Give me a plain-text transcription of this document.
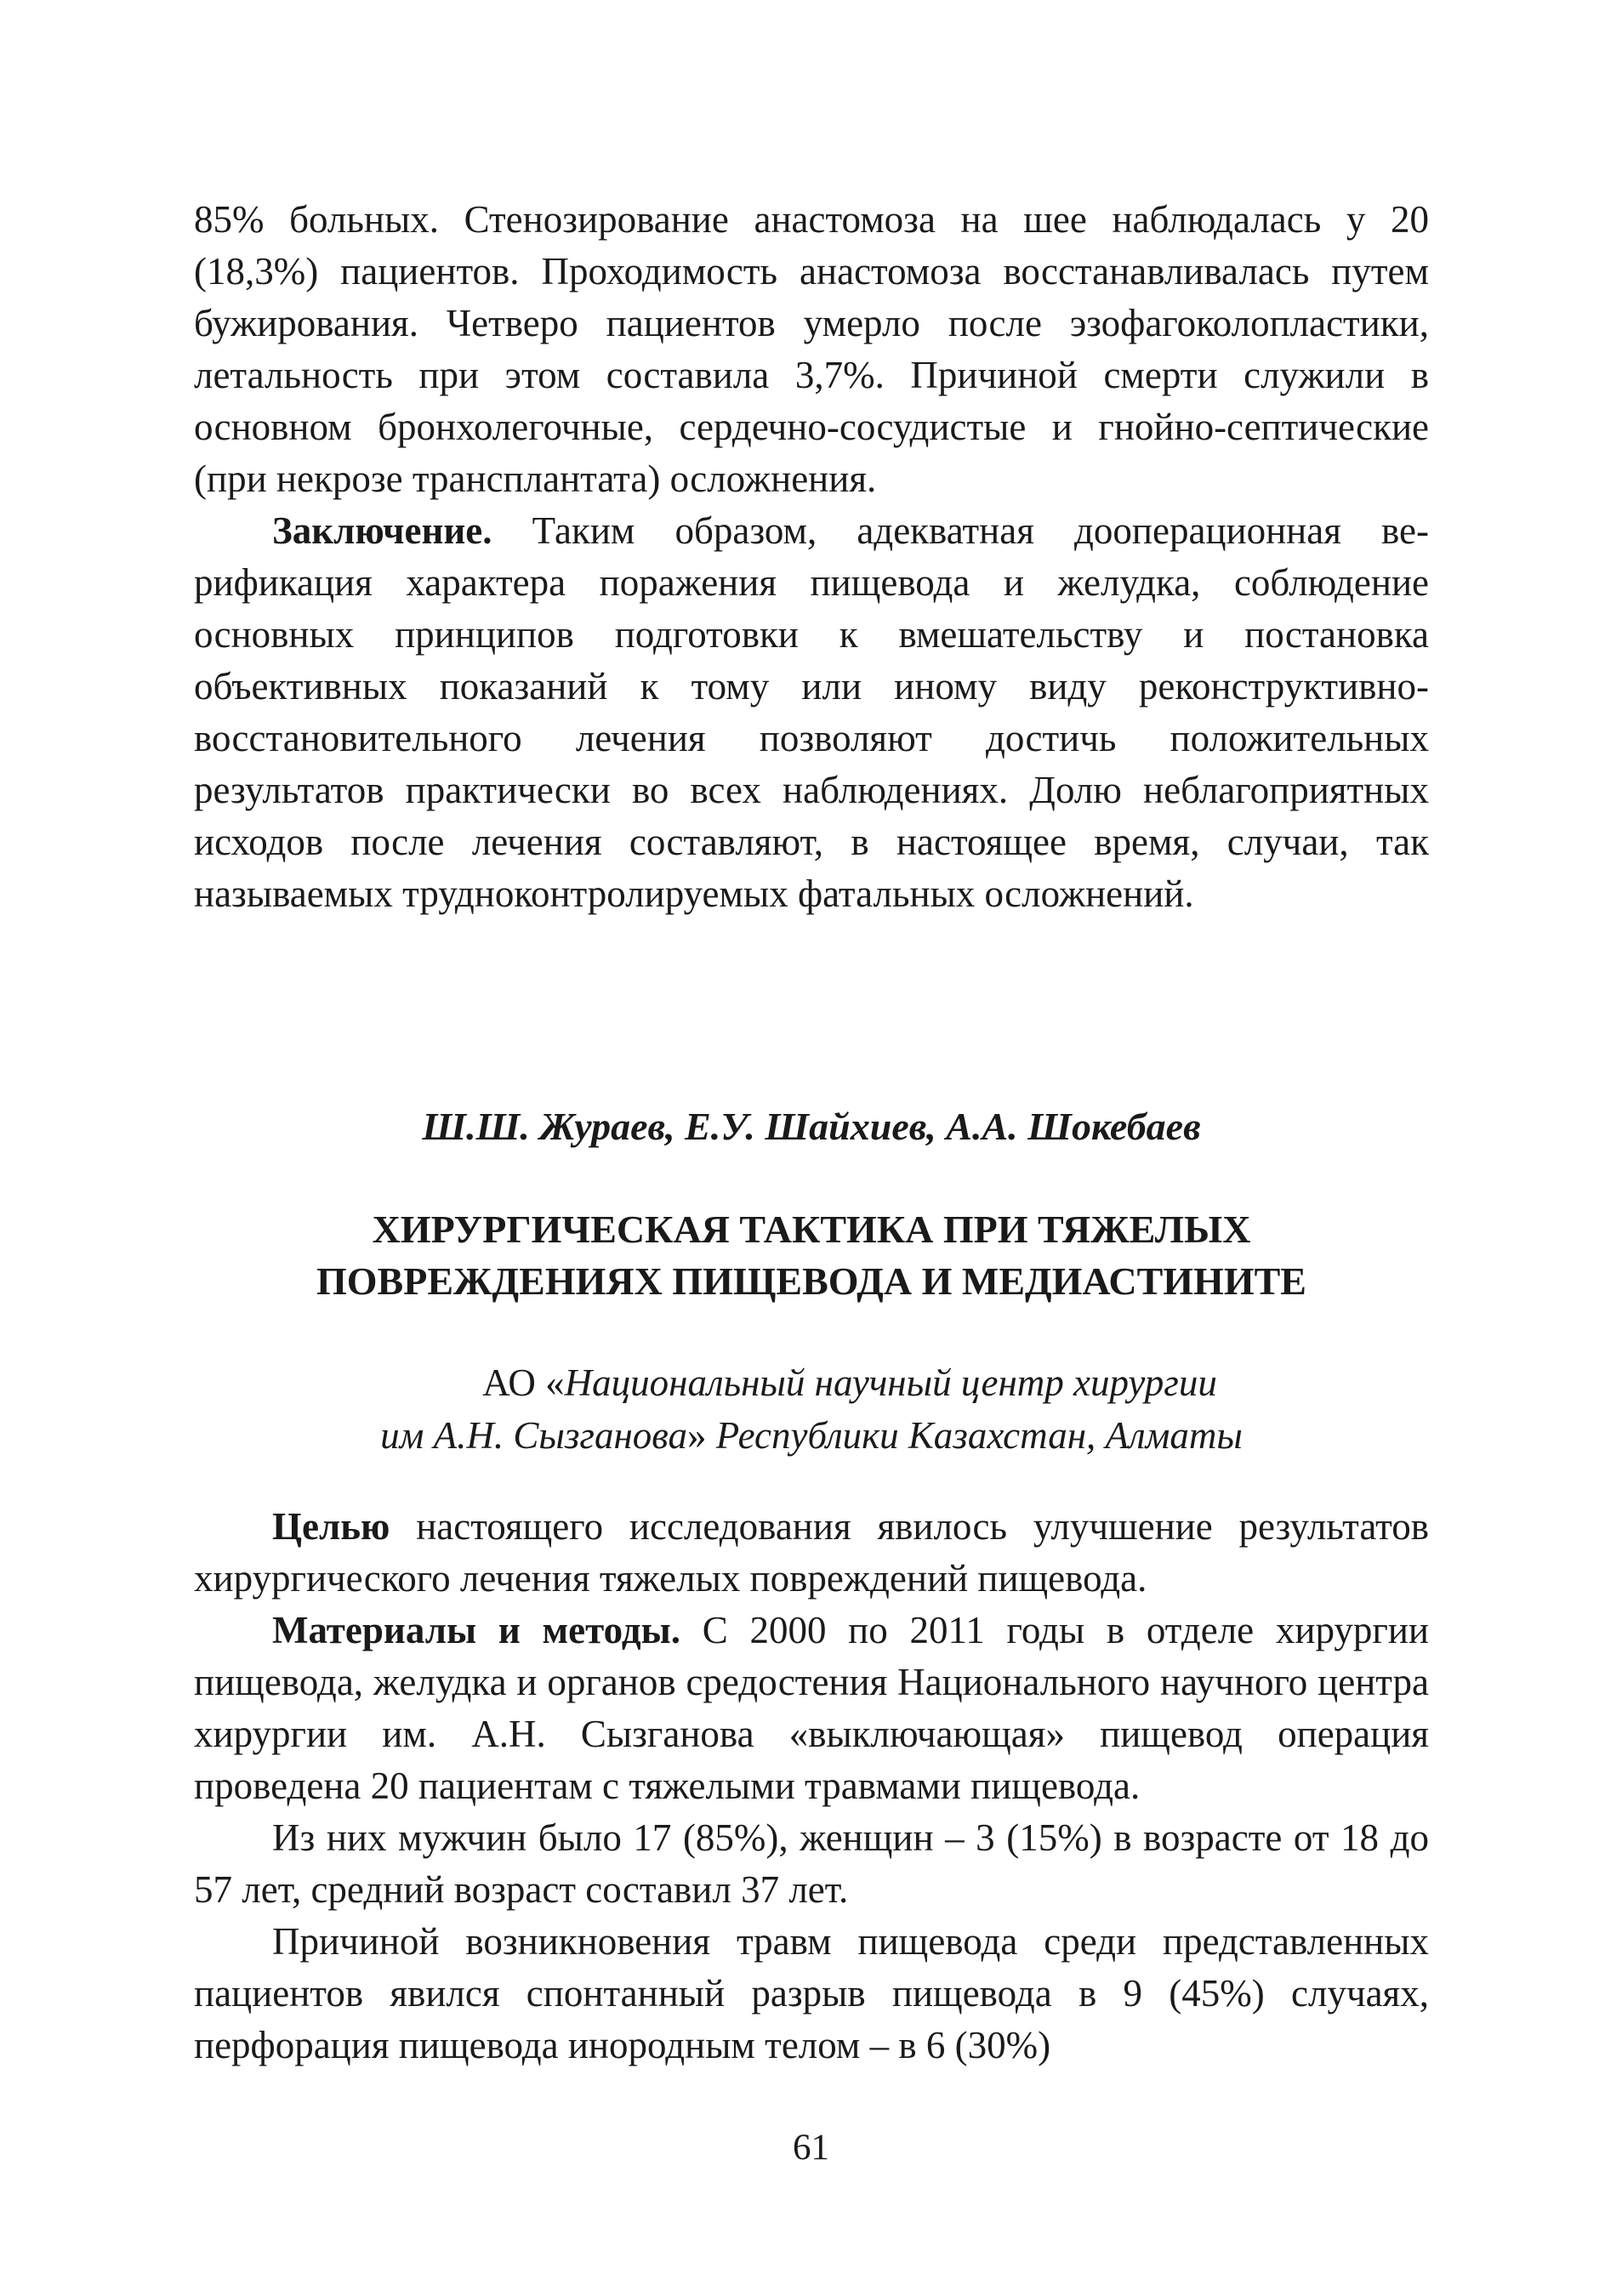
85% больных. Стенозирование анастомоза на шее наблюдалась у 20 (18,3%) пациентов. Проходимость анастомоза восстанавливалась путем бужирования. Четверо пациентов умерло после эзофагоколопластики, летальность при этом составила 3,7%. Причиной смерти служили в основном бронхолегочные, сердечно-сосудистые и гнойно-септические (при некрозе трансплантата) осложнения.

Заключение. Таким образом, адекватная дооперационная верификация характера поражения пищевода и желудка, соблюдение основных принципов подготовки к вмешательству и постановка объективных показаний к тому или иному виду реконструктивно-восстановительного лечения позволяют достичь положительных результатов практически во всех наблюдениях. Долю неблагоприятных исходов после лечения составляют, в настоящее время, случаи, так называемых трудноконтролируемых фатальных осложнений.

Ш.Ш. Жураев, Е.У. Шайхиев, А.А. Шокебаев

ХИРУРГИЧЕСКАЯ ТАКТИКА ПРИ ТЯЖЕЛЫХ
ПОВРЕЖДЕНИЯХ ПИЩЕВОДА И МЕДИАСТИНИТЕ
АО «Национальный научный центр хирургии
им А.Н. Сызганова» Республики Казахстан, Алматы

Целью настоящего исследования явилось улучшение результатов хирургического лечения тяжелых повреждений пищевода.

Материалы и методы. С 2000 по 2011 годы в отделе хирургии пищевода, желудка и органов средостения Национального научного центра хирургии им. А.Н. Сызганова «выключающая» пищевод операция проведена 20 пациентам с тяжелыми травмами пищевода.

Из них мужчин было 17 (85%), женщин – 3 (15%) в возрасте от 18 до 57 лет, средний возраст составил 37 лет.

Причиной возникновения травм пищевода среди представленных пациентов явился спонтанный разрыв пищевода в 9 (45%) случаях, перфорация пищевода инородным телом – в 6 (30%)

61
